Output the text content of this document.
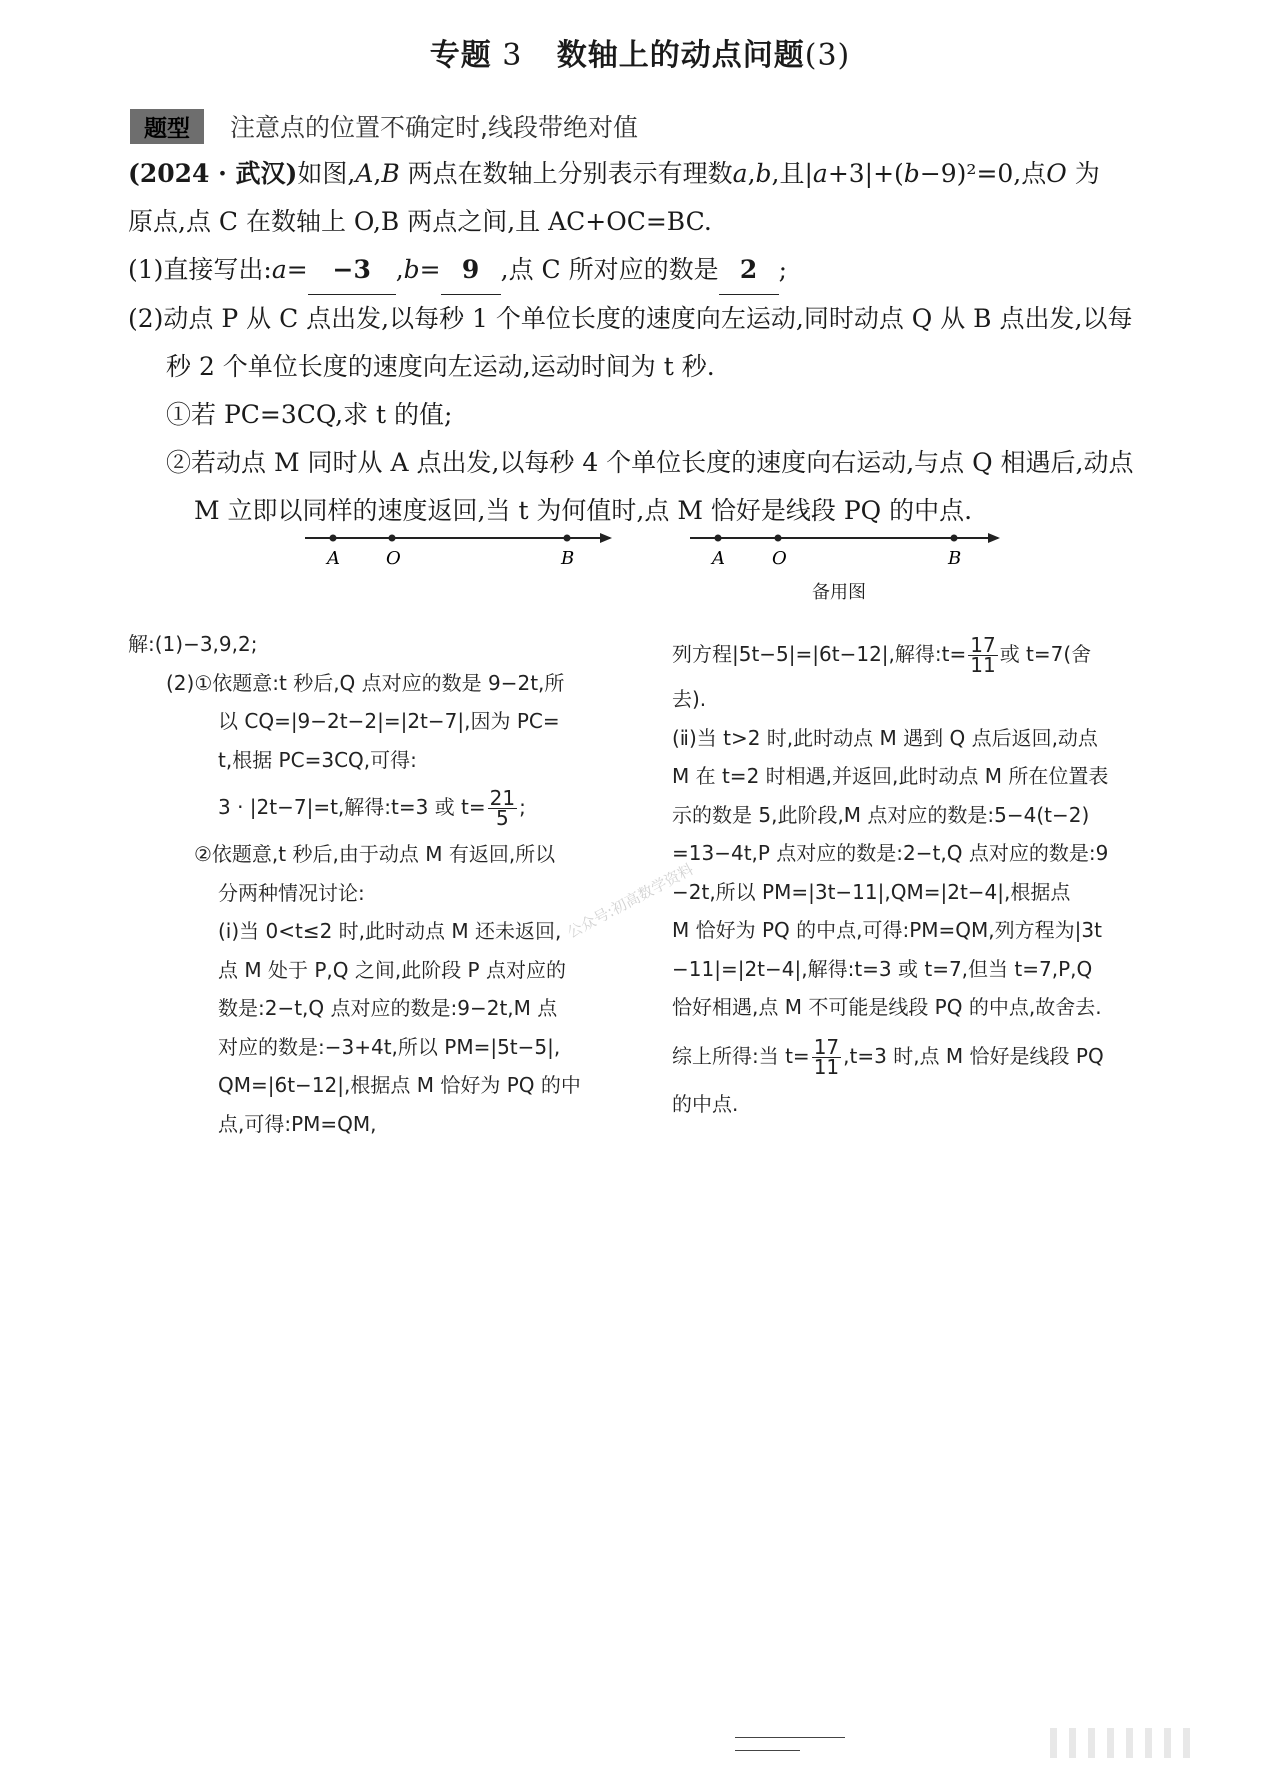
专题 3 数轴上的动点问题(3)
题型	注意点的位置不确定时,线段带绝对值

(2024 · 武汉)如图,A,B 两点在数轴上分别表示有理数a,b,且|a+3|+(b−9)²=0,点O 为

原点,点 C 在数轴上 O,B 两点之间,且 AC+OC=BC.

(1)直接写出:a= −3 ,b= 9 ,点 C 所对应的数是 2 ;

(2)动点 P 从 C 点出发,以每秒 1 个单位长度的速度向左运动,同时动点 Q 从 B 点出发,以每

秒 2 个单位长度的速度向左运动,运动时间为 t 秒.

①若 PC=3CQ,求 t 的值;

②若动点 M 同时从 A 点出发,以每秒 4 个单位长度的速度向右运动,与点 Q 相遇后,动点

M 立即以同样的速度返回,当 t 为何值时,点 M 恰好是线段 PQ 的中点.

A	O	B	A	O	B
备用图

解:(1)−3,9,2;

(2)①依题意:t 秒后,Q 点对应的数是 9−2t,所

以 CQ=|9−2t−2|=|2t−7|,因为 PC=

t,根据 PC=3CQ,可得:

3 · |2t−7|=t,解得:t=3 或 $t= \frac{21}{5}$ ;

②依题意,t 秒后,由于动点 M 有返回,所以

分两种情况讨论:

(ⅰ)当 0<t≤2 时,此时动点 M 还未返回,

点 M 处于 P,Q 之间,此阶段 P 点对应的

数是:2−t,Q 点对应的数是:9−2t,M 点

对应的数是:−3+4t,所以 PM=|5t−5|,

QM=|6t−12|,根据点 M 恰好为 PQ 的中

点,可得:PM=QM,

列方程|5t−5|=|6t−12|,解得:t= $\frac{17}{11}$ 或 t=7(舍

去).

(ⅱ)当 t>2 时,此时动点 M 遇到 Q 点后返回,动点

M 在 t=2 时相遇,并返回,此时动点 M 所在位置表

示的数是 5,此阶段,M 点对应的数是:5−4(t−2)

=13−4t,P 点对应的数是:2−t,Q 点对应的数是:9

−2t,所以 PM=|3t−11|,QM=|2t−4|,根据点

M 恰好为 PQ 的中点,可得:PM=QM,列方程为|3t

−11|=|2t−4|,解得:t=3 或 t=7,但当 t=7,P,Q

恰好相遇,点 M 不可能是线段 PQ 的中点,故舍去.

综上所得:当 $t= \frac{17}{11} ,t=3$ 时,点 M 恰好是线段 PQ

的中点.

公众号:初高数学资料
